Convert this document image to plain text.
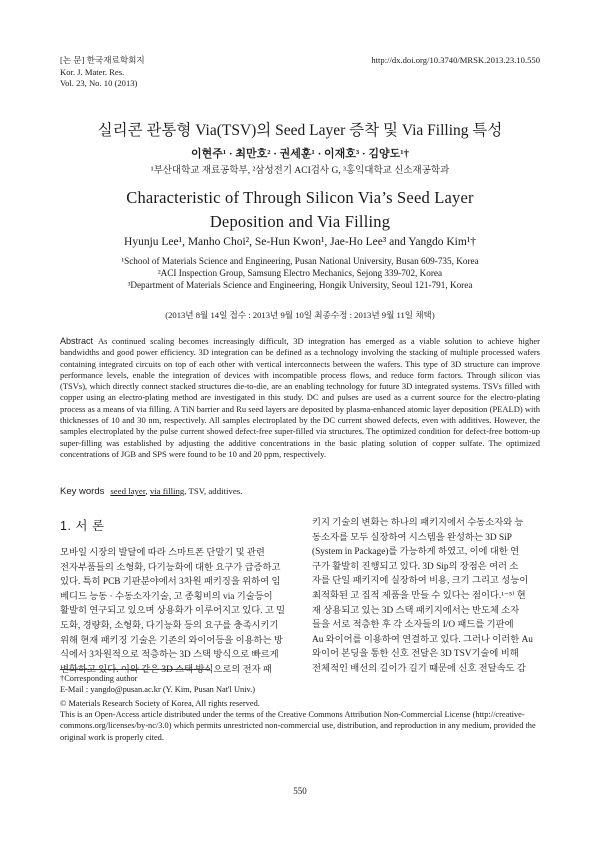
[논 문] 한국재료학회지
Kor. J. Mater. Res.
Vol. 23, No. 10 (2013)
http://dx.doi.org/10.3740/MRSK.2013.23.10.550
실리콘 관통형 Via(TSV)의 Seed Layer 증착 및 Via Filling 특성
이현주¹ · 최만호² · 권세훈¹ · 이재호³ · 김양도¹†
¹부산대학교 재료공학부, ²삼성전기 ACI검사 G, ³홍익대학교 신소재공학과
Characteristic of Through Silicon Via’s Seed Layer
Deposition and Via Filling
Hyunju Lee¹, Manho Choi², Se-Hun Kwon¹, Jae-Ho Lee³ and Yangdo Kim¹†
¹School of Materials Science and Engineering, Pusan National University, Busan 609-735, Korea
²ACI Inspection Group, Samsung Electro Mechanics, Sejong 339-702, Korea
³Department of Materials Science and Engineering, Hongik University, Seoul 121-791, Korea
(2013년 8월 14일 접수 : 2013년 9월 10일 최종수정 : 2013년 9월 11일 채택)
Abstract As continued scaling becomes increasingly difficult, 3D integration has emerged as a viable solution to achieve higher bandwidths and good power efficiency. 3D integration can be defined as a technology involving the stacking of multiple processed wafers containing integrated circuits on top of each other with vertical interconnects between the wafers. This type of 3D structure can improve performance levels, enable the integration of devices with incompatible process flows, and reduce form factors. Through silicon vias (TSVs), which directly connect stacked structures die-to-die, are an enabling technology for future 3D integrated systems. TSVs filled with copper using an electro-plating method are investigated in this study. DC and pulses are used as a current source for the electro-plating process as a means of via filling. A TiN barrier and Ru seed layers are deposited by plasma-enhanced atomic layer deposition (PEALD) with thicknesses of 10 and 30 nm, respectively. All samples electroplated by the DC current showed defects, even with additives. However, the samples electroplated by the pulse current showed defect-free super-filled via structures. The optimized condition for defect-free bottom-up super-filling was established by adjusting the additive concentrations in the basic plating solution of copper sulfate. The optimized concentrations of JGB and SPS were found to be 10 and 20 ppm, respectively.
Key words seed layer, via filling, TSV, additives.
1. 서 론
모바일 시장의 발달에 따라 스마트폰 단말기 및 관련
전자부품들의 소형화, 다기능화에 대한 요구가 급증하고
있다. 특히 PCB 기판분야에서 3차원 패키징을 위하여 임
베디드 능동 · 수동소자기술, 고 종횡비의 via 기술등이
활발히 연구되고 있으며 상용화가 이루어지고 있다. 고 밀
도화, 경량화, 소형화, 다기능화 등의 요구를 충족시키기
위해 현재 패키징 기술은 기존의 와이어등을 이용하는 방
식에서 3차원적으로 적층하는 3D 스택 방식으로 빠르게
변화하고 있다. 이와 같은 3D 스택 방식으로의 전자 패
키지 기술의 변화는 하나의 패키지에서 수동소자와 능
동소자를 모두 실장하여 시스템을 완성하는 3D SiP
(System in Package)를 가능하게 하였고, 이에 대한 연
구가 활발히 진행되고 있다. 3D Sip의 장점은 여러 소
자를 단일 패키지에 실장하여 비용, 크기 그리고 성능이
최적화된 고 집적 제품을 만들 수 있다는 점이다.¹⁻⁵⁾ 현
재 상용되고 있는 3D 스택 패키지에서는 반도체 소자
들을 서로 적층한 후 각 소자들의 I/O 패드를 기판에
Au 와이어를 이용하여 연결하고 있다. 그러나 이러한 Au
와이어 본딩을 통한 신호 전달은 3D TSV기술에 비해
전체적인 배선의 길이가 길기 때문에 신호 전달속도 감
†Corresponding author
E-Mail : yangdo@pusan.ac.kr (Y. Kim, Pusan Nat'l Univ.)
© Materials Research Society of Korea, All rights reserved.
This is an Open-Access article distributed under the terms of the Creative Commons Attribution Non-Commercial License (http://creative-
commons.org/licenses/by-nc/3.0) which permits unrestricted non-commercial use, distribution, and reproduction in any medium, provided the
original work is properly cited.
550
